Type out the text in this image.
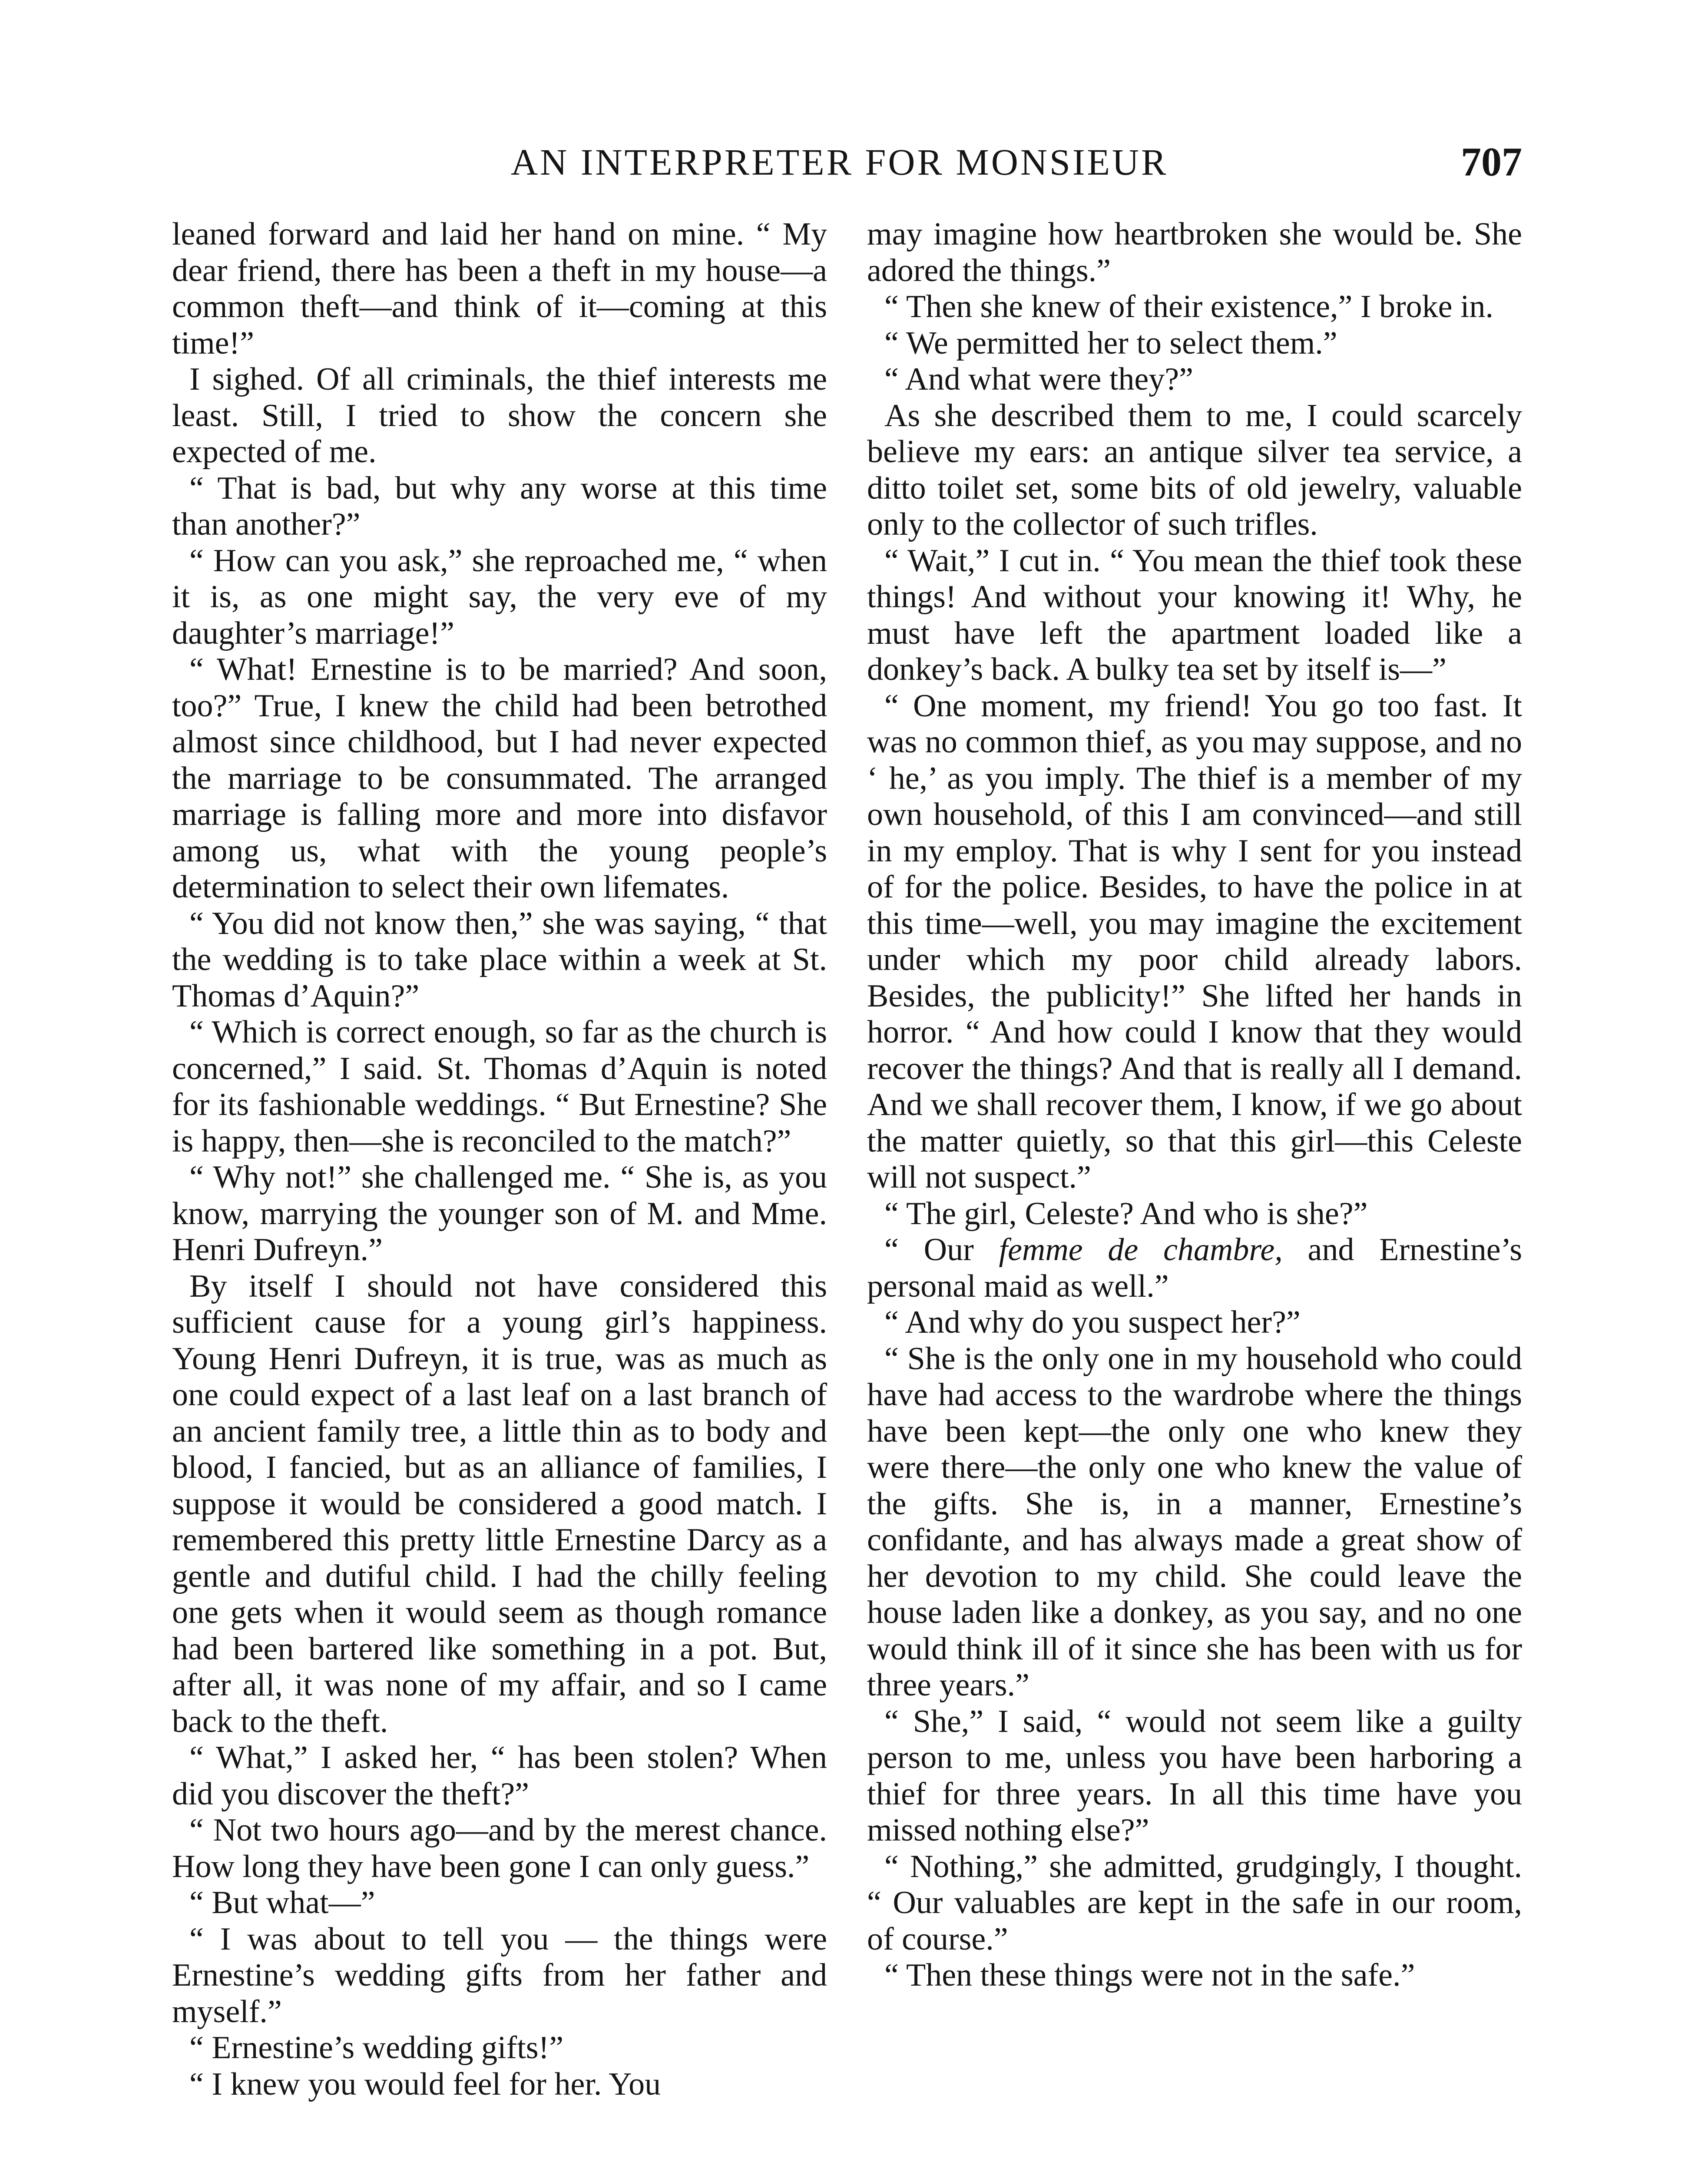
AN INTERPRETER FOR MONSIEUR	707

leaned forward and laid her hand on mine. “ My dear friend, there has been a theft in my house—a common theft—and think of it—coming at this time!”

I sighed. Of all criminals, the thief interests me least. Still, I tried to show the concern she expected of me.

“ That is bad, but why any worse at this time than another?”

“ How can you ask,” she reproached me, “ when it is, as one might say, the very eve of my daughter’s marriage!”

“ What! Ernestine is to be married? And soon, too?” True, I knew the child had been betrothed almost since childhood, but I had never expected the marriage to be consummated. The arranged marriage is falling more and more into disfavor among us, what with the young people’s determination to select their own lifemates.

“ You did not know then,” she was saying, “ that the wedding is to take place within a week at St. Thomas d’Aquin?”

“ Which is correct enough, so far as the church is concerned,” I said. St. Thomas d’Aquin is noted for its fashionable weddings. “ But Ernestine? She is happy, then—she is reconciled to the match?”

“ Why not!” she challenged me. “ She is, as you know, marrying the younger son of M. and Mme. Henri Dufreyn.”

By itself I should not have considered this sufficient cause for a young girl’s happiness. Young Henri Dufreyn, it is true, was as much as one could expect of a last leaf on a last branch of an ancient family tree, a little thin as to body and blood, I fancied, but as an alliance of families, I suppose it would be considered a good match. I remembered this pretty little Ernestine Darcy as a gentle and dutiful child. I had the chilly feeling one gets when it would seem as though romance had been bartered like something in a pot. But, after all, it was none of my affair, and so I came back to the theft.

“ What,” I asked her, “ has been stolen? When did you discover the theft?”

“ Not two hours ago—and by the merest chance. How long they have been gone I can only guess.”

“ But what—”

“ I was about to tell you — the things were Ernestine’s wedding gifts from her father and myself.”

“ Ernestine’s wedding gifts!”

“ I knew you would feel for her. You

may imagine how heartbroken she would be. She adored the things.”

“ Then she knew of their existence,” I broke in.

“ We permitted her to select them.”

“ And what were they?”

As she described them to me, I could scarcely believe my ears: an antique silver tea service, a ditto toilet set, some bits of old jewelry, valuable only to the collector of such trifles.

“ Wait,” I cut in. “ You mean the thief took these things! And without your knowing it! Why, he must have left the apartment loaded like a donkey’s back. A bulky tea set by itself is—”

“ One moment, my friend! You go too fast. It was no common thief, as you may suppose, and no ‘ he,’ as you imply. The thief is a member of my own household, of this I am convinced—and still in my employ. That is why I sent for you instead of for the police. Besides, to have the police in at this time—well, you may imagine the excitement under which my poor child already labors. Besides, the publicity!” She lifted her hands in horror. “ And how could I know that they would recover the things? And that is really all I demand. And we shall recover them, I know, if we go about the matter quietly, so that this girl—this Celeste will not suspect.”

“ The girl, Celeste? And who is she?”

“ Our femme de chambre, and Ernestine’s personal maid as well.”

“ And why do you suspect her?”

“ She is the only one in my household who could have had access to the wardrobe where the things have been kept—the only one who knew they were there—the only one who knew the value of the gifts. She is, in a manner, Ernestine’s confidante, and has always made a great show of her devotion to my child. She could leave the house laden like a donkey, as you say, and no one would think ill of it since she has been with us for three years.”

“ She,” I said, “ would not seem like a guilty person to me, unless you have been harboring a thief for three years. In all this time have you missed nothing else?”

“ Nothing,” she admitted, grudgingly, I thought. “ Our valuables are kept in the safe in our room, of course.”

“ Then these things were not in the safe.”
